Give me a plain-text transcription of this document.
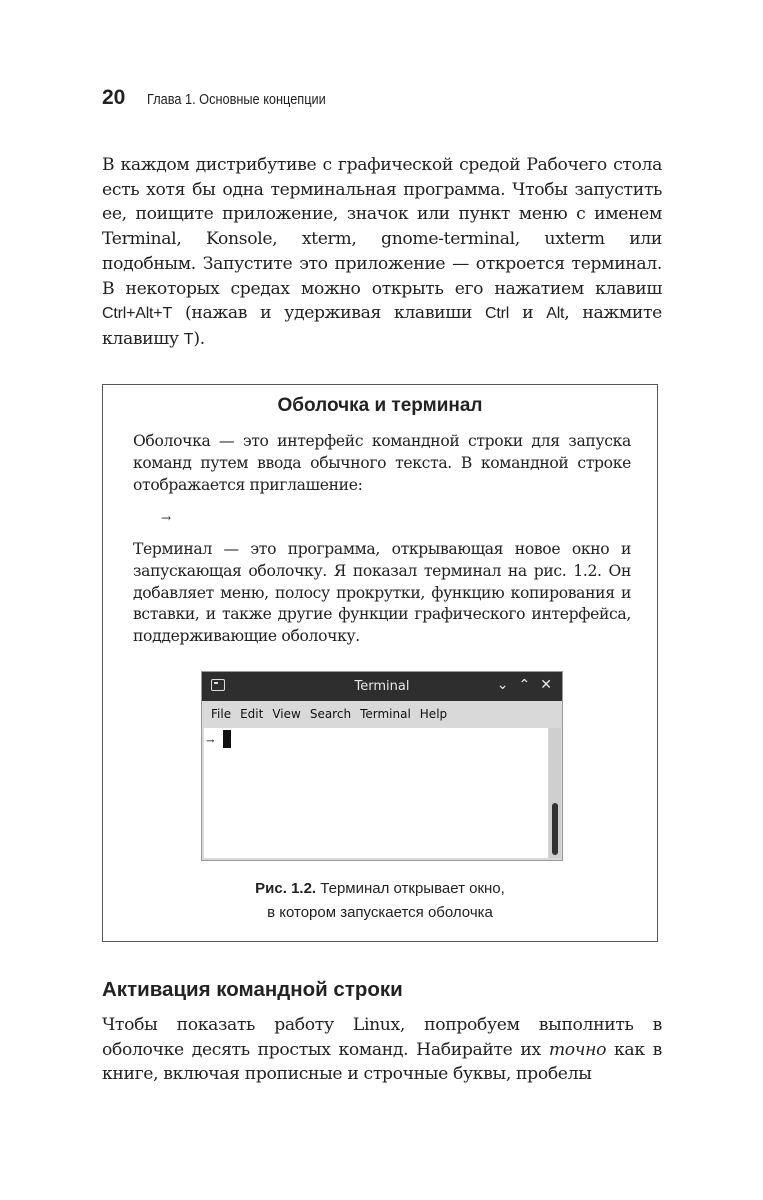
20 Глава 1. Основные концепции
В каждом дистрибутиве с графической средой Рабочего стола есть хотя бы одна терминальная программа. Чтобы запустить ее, поищите приложение, значок или пункт меню с именем Terminal, Konsole, xterm, gnome-terminal, uxterm или подобным. Запустите это приложение — откроется терминал. В некоторых средах можно открыть его нажатием клавиш Ctrl+Alt+T (нажав и удерживая клавиши Ctrl и Alt, нажмите клавишу T).
Оболочка и терминал
Оболочка — это интерфейс командной строки для запуска команд путем ввода обычного текста. В командной строке отображается приглашение:
→
Терминал — это программа, открывающая новое окно и запускающая оболочку. Я показал терминал на рис. 1.2. Он добавляет меню, полосу прокрутки, функцию копирования и вставки, и также другие функции графического интерфейса, поддерживающие оболочку.
Terminal	⌄ ⌃ ✕
File Edit View Search Terminal Help
→
Рис. 1.2. Терминал открывает окно,
в котором запускается оболочка
Активация командной строки
Чтобы показать работу Linux, попробуем выполнить в оболочке десять простых команд. Набирайте их точно как в книге, включая прописные и строчные буквы, пробелы
